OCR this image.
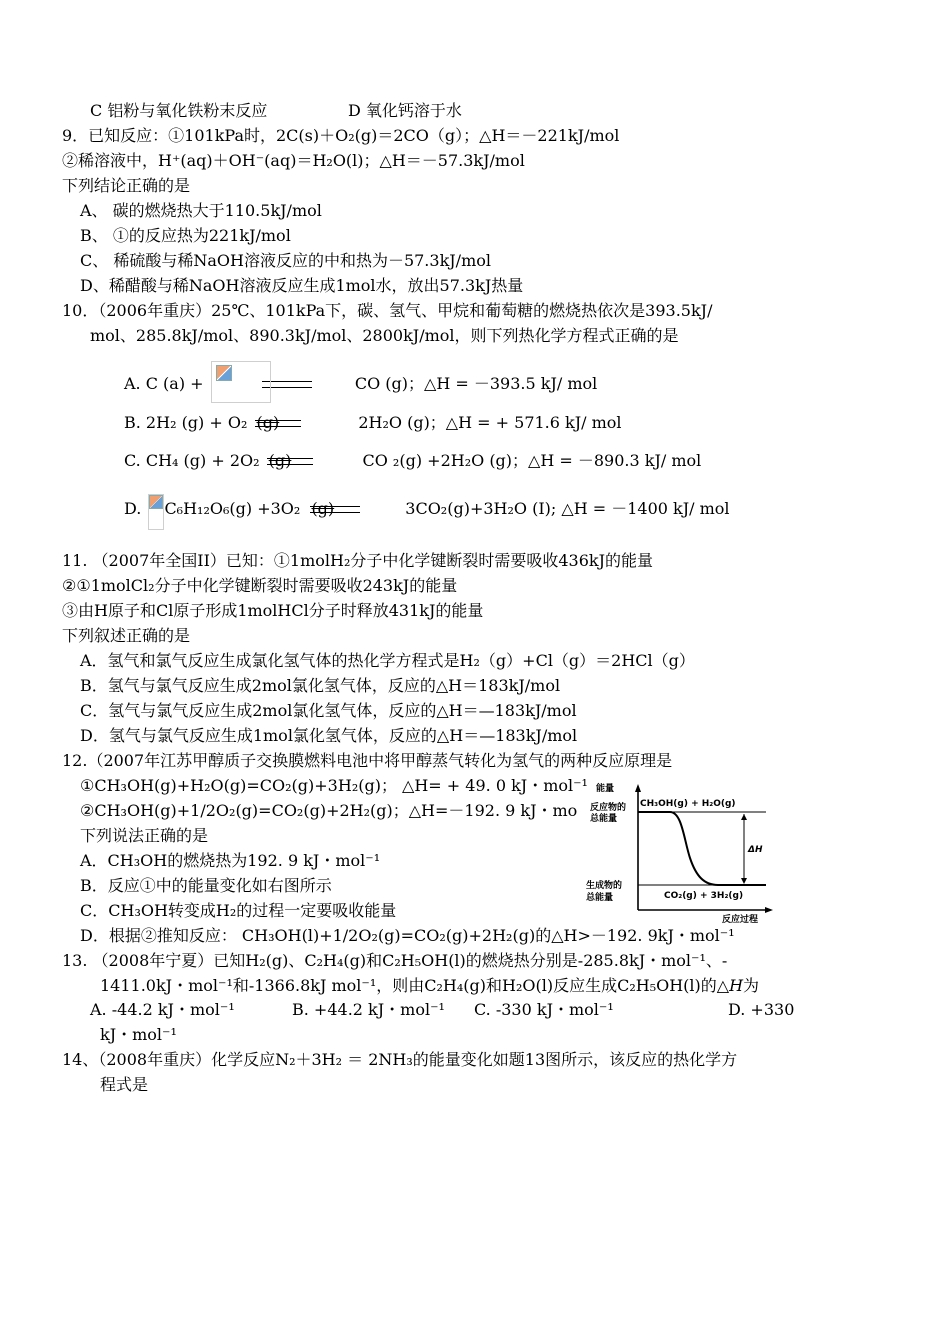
C 铝粉与氧化铁粉末反应	D 氧化钙溶于水
9．已知反应：①101kPa时，2C(s)＋O₂(g)＝2CO（g）；△H＝－221kJ/mol
②稀溶液中，H⁺(aq)＋OH⁻(aq)＝H₂O(l)；△H＝－57.3kJ/mol
下列结论正确的是
A、 碳的燃烧热大于110.5kJ/mol
B、 ①的反应热为221kJ/mol
C、 稀硫酸与稀NaOH溶液反应的中和热为－57.3kJ/mol
D、稀醋酸与稀NaOH溶液反应生成1mol水，放出57.3kJ热量
10．（2006年重庆）25℃、101kPa下，碳、氢气、甲烷和葡萄糖的燃烧热依次是393.5kJ/
mol、285.8kJ/mol、890.3kJ/mol、2800kJ/mol，则下列热化学方程式正确的是
A. C (a) +	CO (g)；△H = －393.5 kJ/ mol
B. 2H₂ (g) + O₂ (g)	2H₂O (g)；△H = + 571.6 kJ/ mol
C. CH₄ (g) + 2O₂ (g)	CO ₂(g) +2H₂O (g)；△H = －890.3 kJ/ mol
D. C₆H₁₂O₆(g) +3O₂ (g)	3CO₂(g)+3H₂O (I); △H = －1400 kJ/ mol
11. （2007年全国II）已知：①1molH₂分子中化学键断裂时需要吸收436kJ的能量
②①1molCl₂分子中化学键断裂时需要吸收243kJ的能量
③由H原子和Cl原子形成1molHCl分子时释放431kJ的能量
下列叙述正确的是
A．氢气和氯气反应生成氯化氢气体的热化学方程式是H₂（g）+Cl（g）＝2HCl（g）
B．氢气与氯气反应生成2mol氯化氢气体，反应的△H＝183kJ/mol
C．氢气与氯气反应生成2mol氯化氢气体，反应的△H＝—183kJ/mol
D．氢气与氯气反应生成1mol氯化氢气体，反应的△H＝—183kJ/mol
12.（2007年江苏甲醇质子交换膜燃料电池中将甲醇蒸气转化为氢气的两种反应原理是
①CH₃OH(g)+H₂O(g)=CO₂(g)+3H₂(g)； △H= + 49. 0 kJ・mol⁻¹
②CH₃OH(g)+1/2O₂(g)=CO₂(g)+2H₂(g)；△H=－192. 9 kJ・mo
下列说法正确的是
A．CH₃OH的燃烧热为192. 9 kJ・mol⁻¹
B．反应①中的能量变化如右图所示
C．CH₃OH转变成H₂的过程一定要吸收能量
D．根据②推知反应： CH₃OH(l)+1/2O₂(g)=CO₂(g)+2H₂(g)的△H>－192. 9kJ・mol⁻¹
能量
反应物的
总能量
生成物的
总能量
CH₃OH(g) + H₂O(g)
CO₂(g) + 3H₂(g)
ΔH
反应过程
13. （2008年宁夏）已知H₂(g)、C₂H₄(g)和C₂H₅OH(l)的燃烧热分别是-285.8kJ・mol⁻¹、-
1411.0kJ・mol⁻¹和-1366.8kJ mol⁻¹，则由C₂H₄(g)和H₂O(l)反应生成C₂H₅OH(l)的△H为
A. -44.2 kJ・mol⁻¹	B. +44.2 kJ・mol⁻¹ C. -330 kJ・mol⁻¹	D. +330
kJ・mol⁻¹
14、（2008年重庆）化学反应N₂＋3H₂ ＝ 2NH₃的能量变化如题13图所示，该反应的热化学方
程式是
